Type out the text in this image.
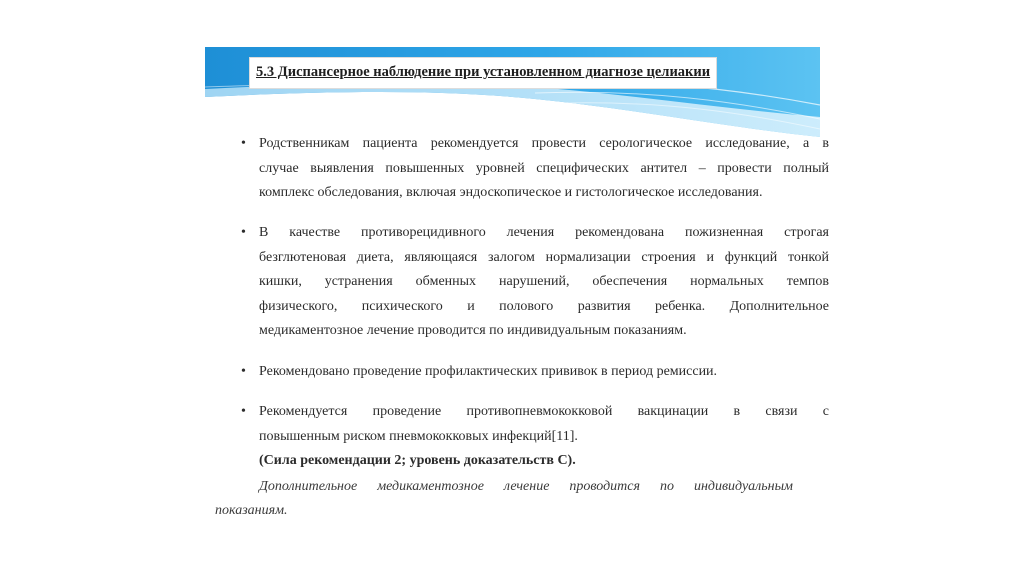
5.3 Диспансерное наблюдение при установленном диагнозе целиакии
• Родственникам пациента рекомендуется провести серологическое исследование, а в
случае выявления повышенных уровней специфических антител – провести полный
комплекс обследования, включая эндоскопическое и гистологическое исследования.
• В качестве противорецидивного лечения рекомендована пожизненная строгая
безглютеновая диета, являющаяся залогом нормализации строения и функций тонкой
кишки, устранения обменных нарушений, обеспечения нормальных темпов
физического, психического и полового развития ребенка. Дополнительное
медикаментозное лечение проводится по индивидуальным показаниям.
• Рекомендовано проведение профилактических прививок в период ремиссии.
• Рекомендуется проведение противопневмококковой вакцинации в связи с
повышенным риском пневмококковых инфекций[11].
(Сила рекомендации 2; уровень доказательств С).
Дополнительное медикаментозное лечение проводится по индивидуальным
показаниям.
